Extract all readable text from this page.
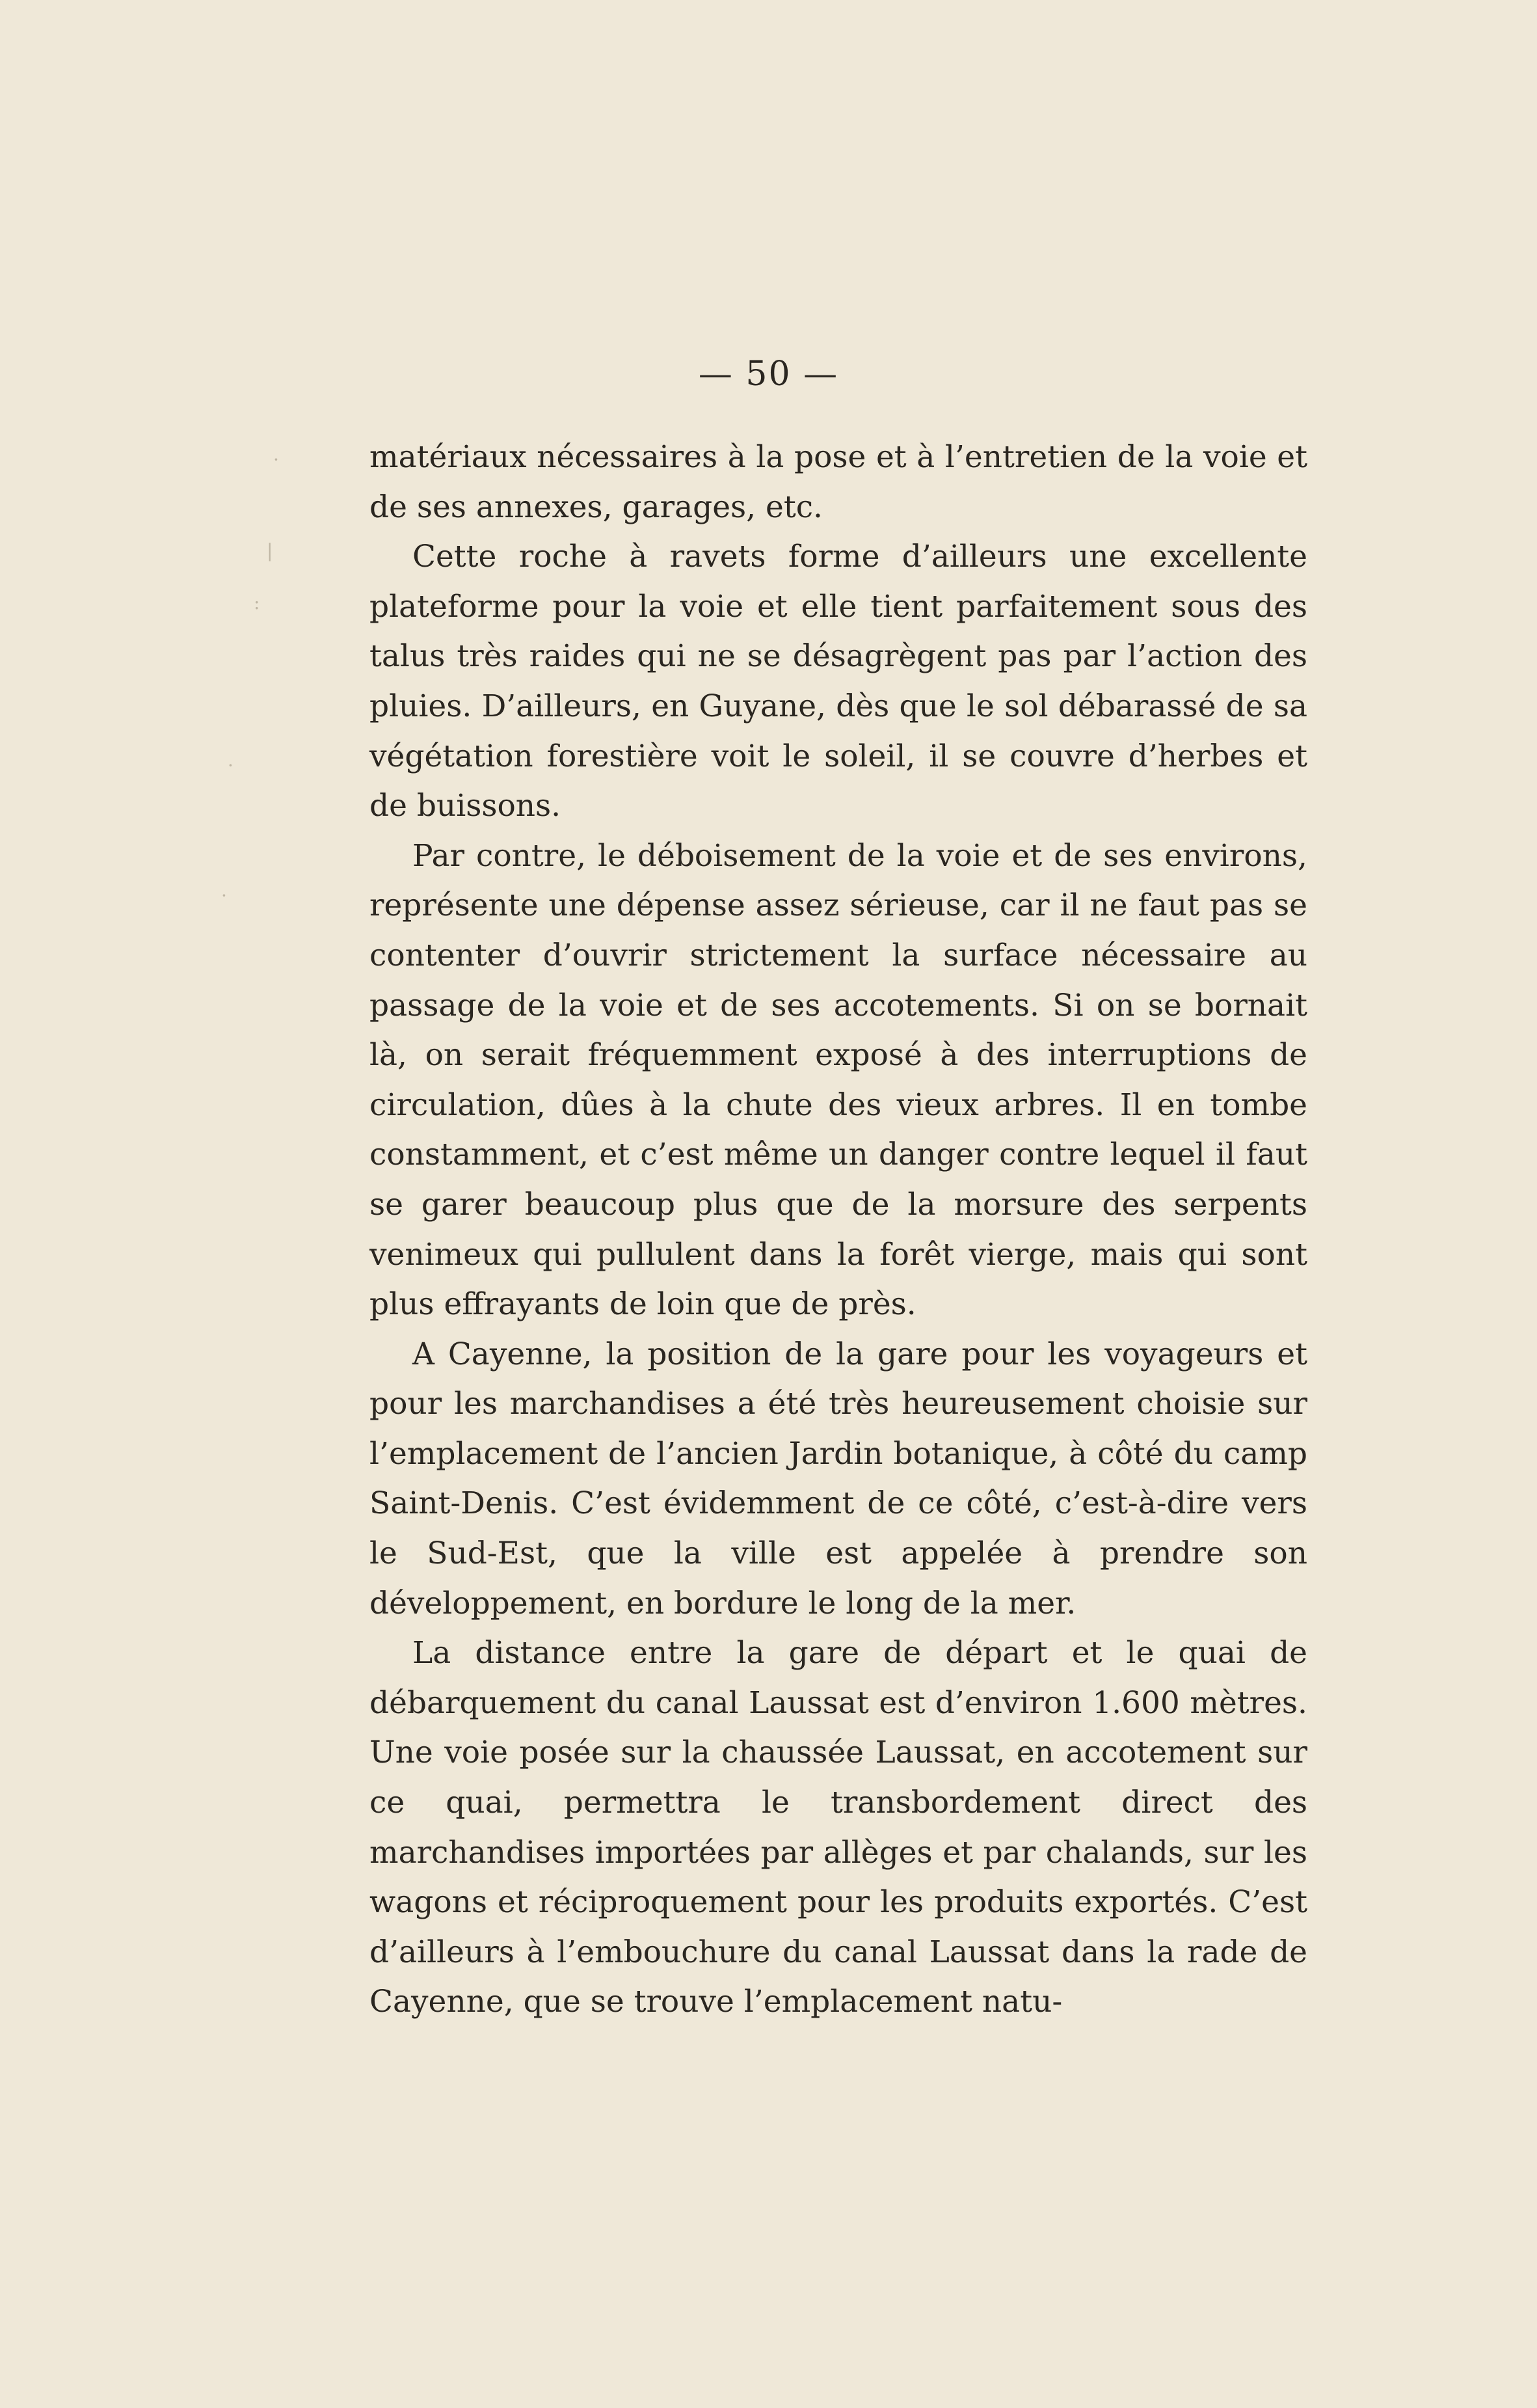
·
|
:
·
·
— 50 —

matériaux nécessaires à la pose et à l’entretien de la voie et de ses annexes, garages, etc.

Cette roche à ravets forme d’ailleurs une excellente plateforme pour la voie et elle tient parfaitement sous des talus très raides qui ne se désagrègent pas par l’action des pluies. D’ailleurs, en Guyane, dès que le sol débarassé de sa végétation forestière voit le soleil, il se couvre d’herbes et de buissons.

Par contre, le déboisement de la voie et de ses environs, représente une dépense assez sérieuse, car il ne faut pas se contenter d’ouvrir strictement la surface nécessaire au passage de la voie et de ses accotements. Si on se bornait là, on serait fréquemment exposé à des interruptions de circulation, dûes à la chute des vieux arbres. Il en tombe constamment, et c’est même un danger contre lequel il faut se garer beaucoup plus que de la morsure des serpents venimeux qui pullulent dans la forêt vierge, mais qui sont plus effrayants de loin que de près.

A Cayenne, la position de la gare pour les voyageurs et pour les marchandises a été très heureusement choisie sur l’emplacement de l’ancien Jardin botanique, à côté du camp Saint-Denis. C’est évidemment de ce côté, c’est-à-dire vers le Sud-Est, que la ville est appelée à prendre son développement, en bordure le long de la mer.

La distance entre la gare de départ et le quai de débarquement du canal Laussat est d’environ 1.600 mètres. Une voie posée sur la chaussée Laussat, en accotement sur ce quai, permettra le transbordement direct des marchandises importées par allèges et par chalands, sur les wagons et réciproquement pour les produits exportés. C’est d’ailleurs à l’embouchure du canal Laussat dans la rade de Cayenne, que se trouve l’emplacement natu-
